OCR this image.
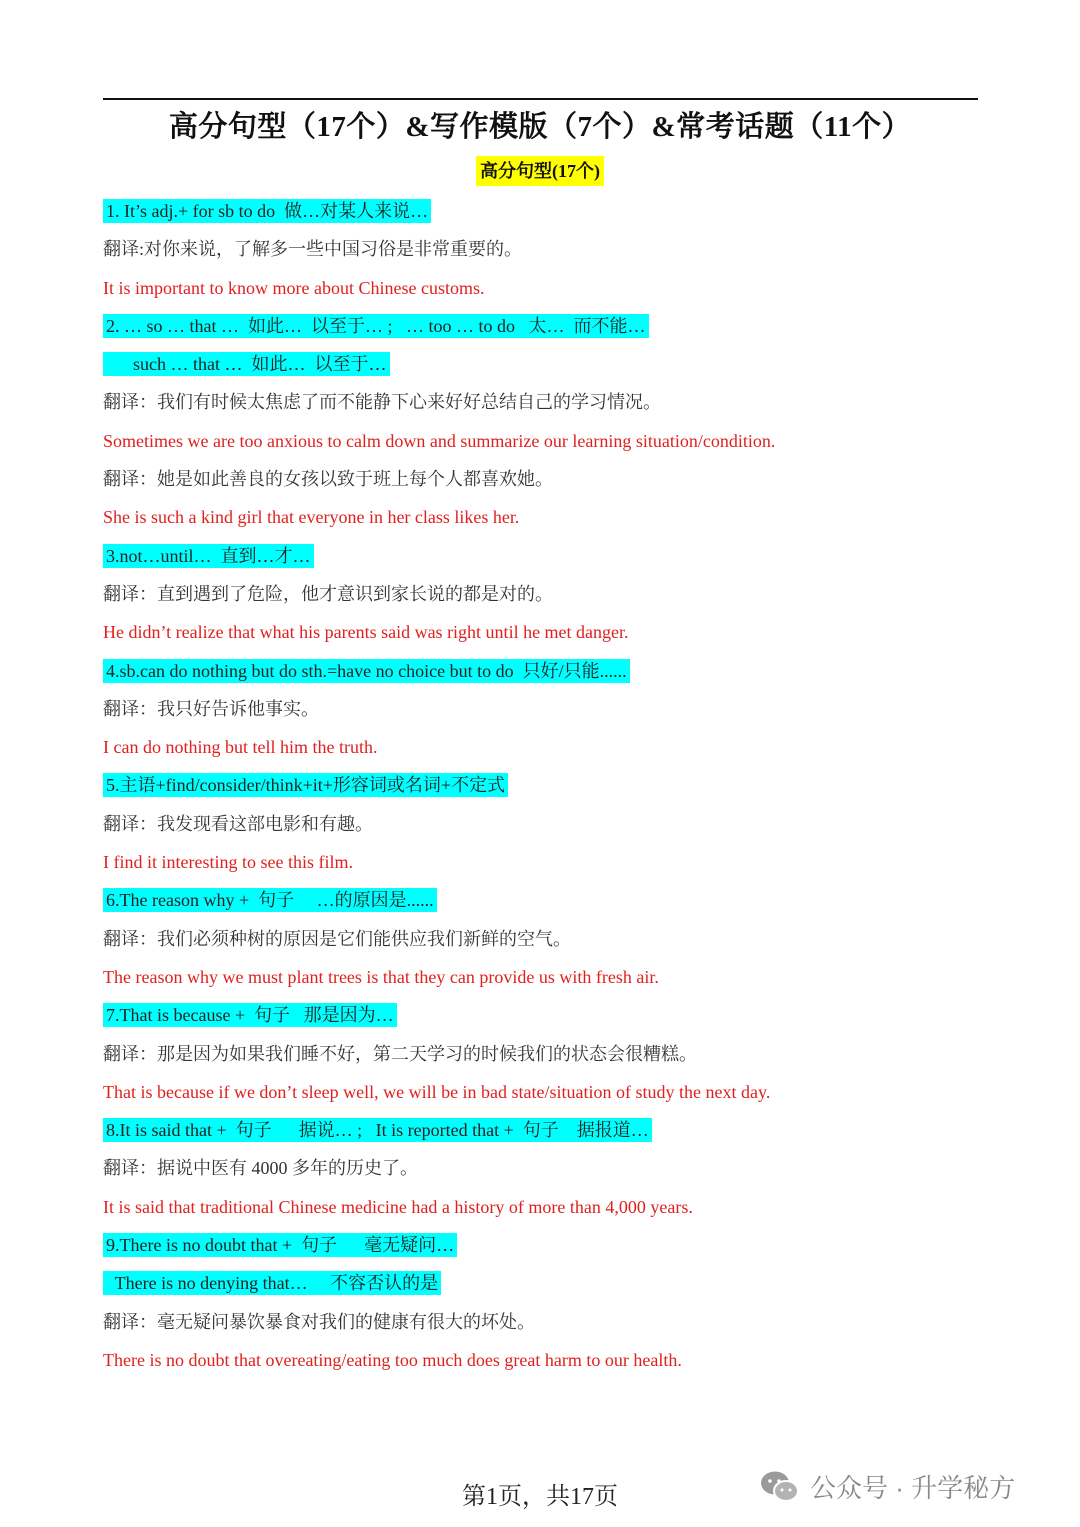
高分句型（17个）&写作模版（7个）&常考话题（11个）
高分句型(17个)
1. It’s adj.+ for sb to do  做…对某人来说…
翻译:对你来说，了解多一些中国习俗是非常重要的。
It is important to know more about Chinese customs.
2. … so … that …  如此…  以至于… ;   … too … to do   太…  而不能…
such … that …  如此…  以至于…
翻译：我们有时候太焦虑了而不能静下心来好好总结自己的学习情况。
Sometimes we are too anxious to calm down and summarize our learning situation/condition.
翻译：她是如此善良的女孩以致于班上每个人都喜欢她。
She is such a kind girl that everyone in her class likes her.
3.not…until…  直到…才…
翻译：直到遇到了危险，他才意识到家长说的都是对的。
He didn’t realize that what his parents said was right until he met danger.
4.sb.can do nothing but do sth.=have no choice but to do  只好/只能......
翻译：我只好告诉他事实。
I can do nothing but tell him the truth.
5.主语+find/consider/think+it+形容词或名词+不定式
翻译：我发现看这部电影和有趣。
I find it interesting to see this film.
6.The reason why +  句子     …的原因是......
翻译：我们必须种树的原因是它们能供应我们新鲜的空气。
The reason why we must plant trees is that they can provide us with fresh air.
7.That is because +  句子   那是因为…
翻译：那是因为如果我们睡不好，第二天学习的时候我们的状态会很糟糕。
That is because if we don’t sleep well, we will be in bad state/situation of study the next day.
8.It is said that +  句子      据说… ;   It is reported that +  句子    据报道…
翻译：据说中医有 4000 多年的历史了。
It is said that traditional Chinese medicine had a history of more than 4,000 years.
9.There is no doubt that +  句子      毫无疑问…
There is no denying that…     不容否认的是
翻译：毫无疑问暴饮暴食对我们的健康有很大的坏处。
There is no doubt that overeating/eating too much does great harm to our health.
第1页，共17页	公众号 · 升学秘方
